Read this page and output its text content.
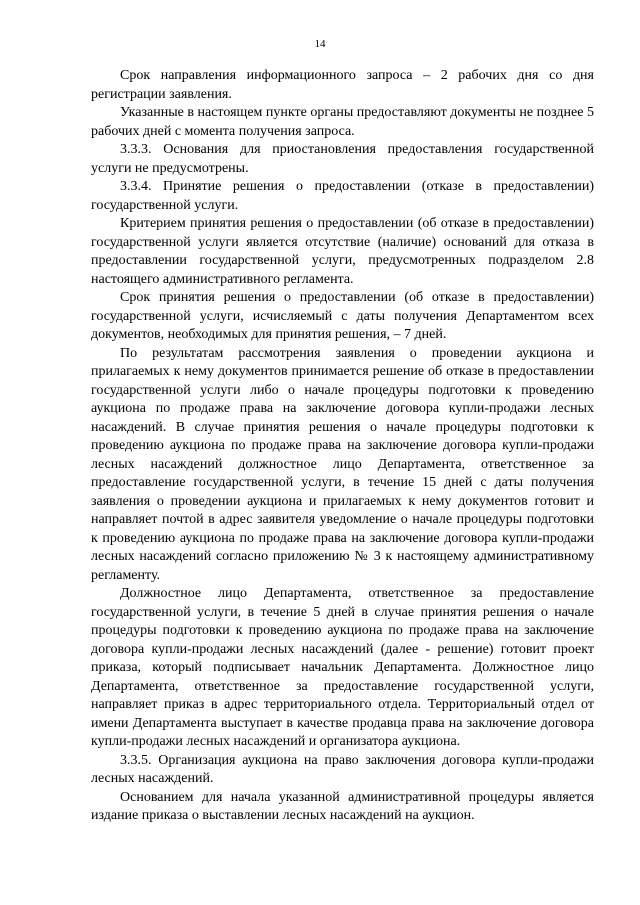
14

Срок направления информационного запроса – 2 рабочих дня со дня регистрации заявления.

Указанные в настоящем пункте органы предоставляют документы не позднее 5 рабочих дней с момента получения запроса.

3.3.3. Основания для приостановления предоставления государственной услуги не предусмотрены.

3.3.4. Принятие решения о предоставлении (отказе в предоставлении) государственной услуги.

Критерием принятия решения о предоставлении (об отказе в предоставлении) государственной услуги является отсутствие (наличие) оснований для отказа в предоставлении государственной услуги, предусмотренных подразделом 2.8 настоящего административного регламента.

Срок принятия решения о предоставлении (об отказе в предоставлении) государственной услуги, исчисляемый с даты получения Департаментом всех документов, необходимых для принятия решения, – 7 дней.

По результатам рассмотрения заявления о проведении аукциона и прилагаемых к нему документов принимается решение об отказе в предоставлении государственной услуги либо о начале процедуры подготовки к проведению аукциона по продаже права на заключение договора купли-продажи лесных насаждений. В случае принятия решения о начале процедуры подготовки к проведению аукциона по продаже права на заключение договора купли-продажи лесных насаждений должностное лицо Департамента, ответственное за предоставление государственной услуги, в течение 15 дней с даты получения заявления о проведении аукциона и прилагаемых к нему документов готовит и направляет почтой в адрес заявителя уведомление о начале процедуры подготовки к проведению аукциона по продаже права на заключение договора купли-продажи лесных насаждений согласно приложению № 3 к настоящему административному регламенту.

Должностное лицо Департамента, ответственное за предоставление государственной услуги, в течение 5 дней в случае принятия решения о начале процедуры подготовки к проведению аукциона по продаже права на заключение договора купли-продажи лесных насаждений (далее - решение) готовит проект приказа, который подписывает начальник Департамента. Должностное лицо Департамента, ответственное за предоставление государственной услуги, направляет приказ в адрес территориального отдела. Территориальный отдел от имени Департамента выступает в качестве продавца права на заключение договора купли-продажи лесных насаждений и организатора аукциона.

3.3.5. Организация аукциона на право заключения договора купли-продажи лесных насаждений.

Основанием для начала указанной административной процедуры является издание приказа о выставлении лесных насаждений на аукцион.
